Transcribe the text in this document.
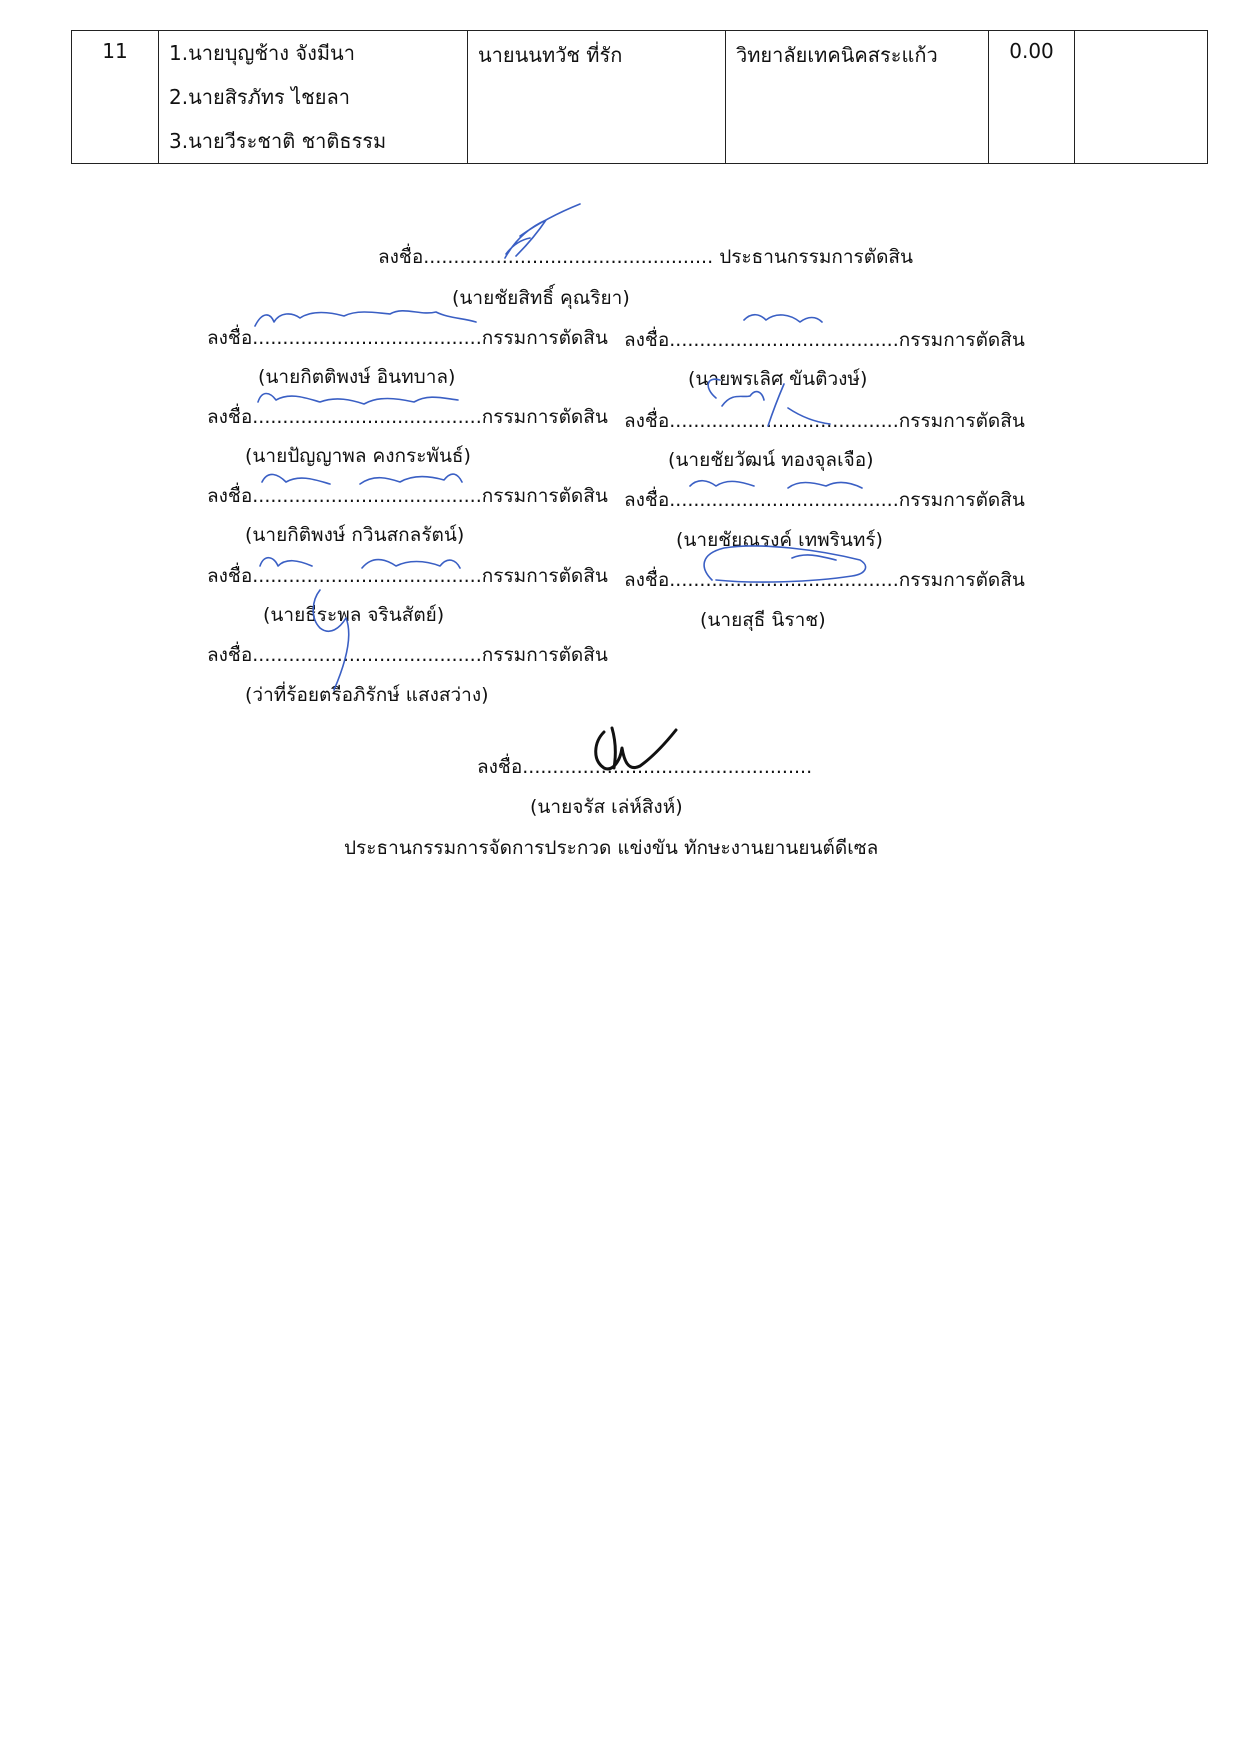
11	1.นายบุญช้าง จังมีนา
2.นายสิรภัทร ไชยลา
3.นายวีระชาติ ชาติธรรม
	นายนนทวัช ที่รัก	วิทยาลัยเทคนิคสระแก้ว	0.00	
ลงชื่อ................................................ ประธานกรรมการตัดสิน
(นายชัยสิทธิ์ คุณริยา)
ลงชื่อ......................................กรรมการตัดสิน
(นายกิตติพงษ์ อินทบาล)
ลงชื่อ......................................กรรมการตัดสิน
(นายปัญญาพล คงกระพันธ์)
ลงชื่อ......................................กรรมการตัดสิน
(นายกิติพงษ์ กวินสกลรัตน์)
ลงชื่อ......................................กรรมการตัดสิน
(นายธีระพล จรินสัตย์)
ลงชื่อ......................................กรรมการตัดสิน
(ว่าที่ร้อยตรีอภิรักษ์ แสงสว่าง)
ลงชื่อ......................................กรรมการตัดสิน
(นายพรเลิศ ขันติวงษ์)
ลงชื่อ......................................กรรมการตัดสิน
(นายชัยวัฒน์ ทองจุลเจือ)
ลงชื่อ......................................กรรมการตัดสิน
(นายชัยณรงค์ เทพรินทร์)
ลงชื่อ......................................กรรมการตัดสิน
(นายสุธี นิราช)
ลงชื่อ................................................
(นายจรัส เล่ห์สิงห์)
ประธานกรรมการจัดการประกวด แข่งขัน ทักษะงานยานยนต์ดีเซล
